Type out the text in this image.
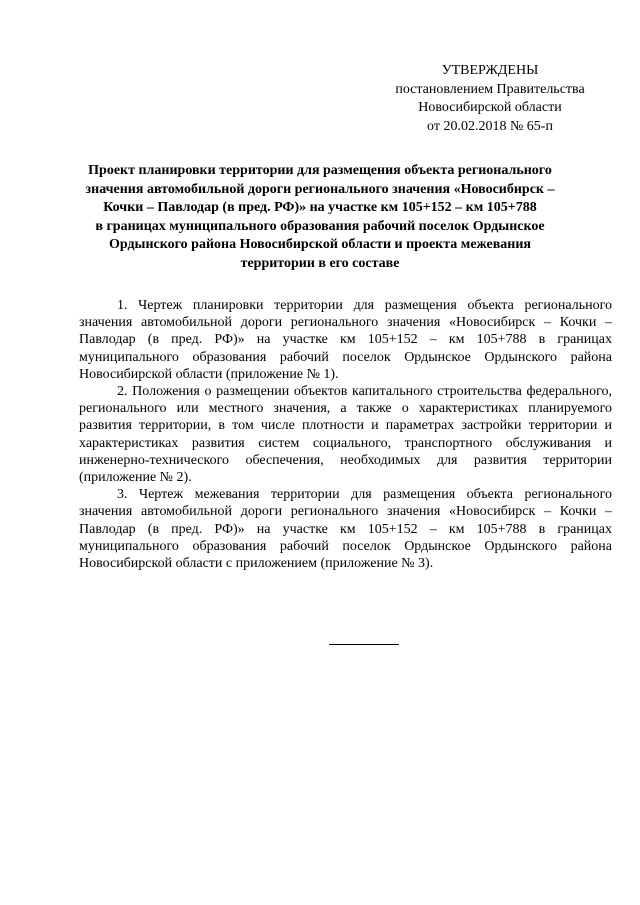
УТВЕРЖДЕНЫ
постановлением Правительства
Новосибирской области
от 20.02.2018 № 65-п
Проект планировки территории для размещения объекта регионального
значения автомобильной дороги регионального значения «Новосибирск –
Кочки – Павлодар (в пред. РФ)» на участке км 105+152 – км 105+788
в границах муниципального образования рабочий поселок Ордынское
Ордынского района Новосибирской области и проекта межевания
территории в его составе

1. Чертеж планировки территории для размещения объекта регионального значения автомобильной дороги регионального значения «Новосибирск – Кочки – Павлодар (в пред. РФ)» на участке км 105+152 – км 105+788 в границах муниципального образования рабочий поселок Ордынское Ордынского района Новосибирской области (приложение № 1).

2. Положения о размещении объектов капитального строительства федерального, регионального или местного значения, а также о характеристиках планируемого развития территории, в том числе плотности и параметрах застройки территории и характеристиках развития систем социального, транспортного обслуживания и инженерно-технического обеспечения, необходимых для развития территории (приложение № 2).

3. Чертеж межевания территории для размещения объекта регионального значения автомобильной дороги регионального значения «Новосибирск – Кочки – Павлодар (в пред. РФ)» на участке км 105+152 – км 105+788 в границах муниципального образования рабочий поселок Ордынское Ордынского района Новосибирской области с приложением (приложение № 3).
